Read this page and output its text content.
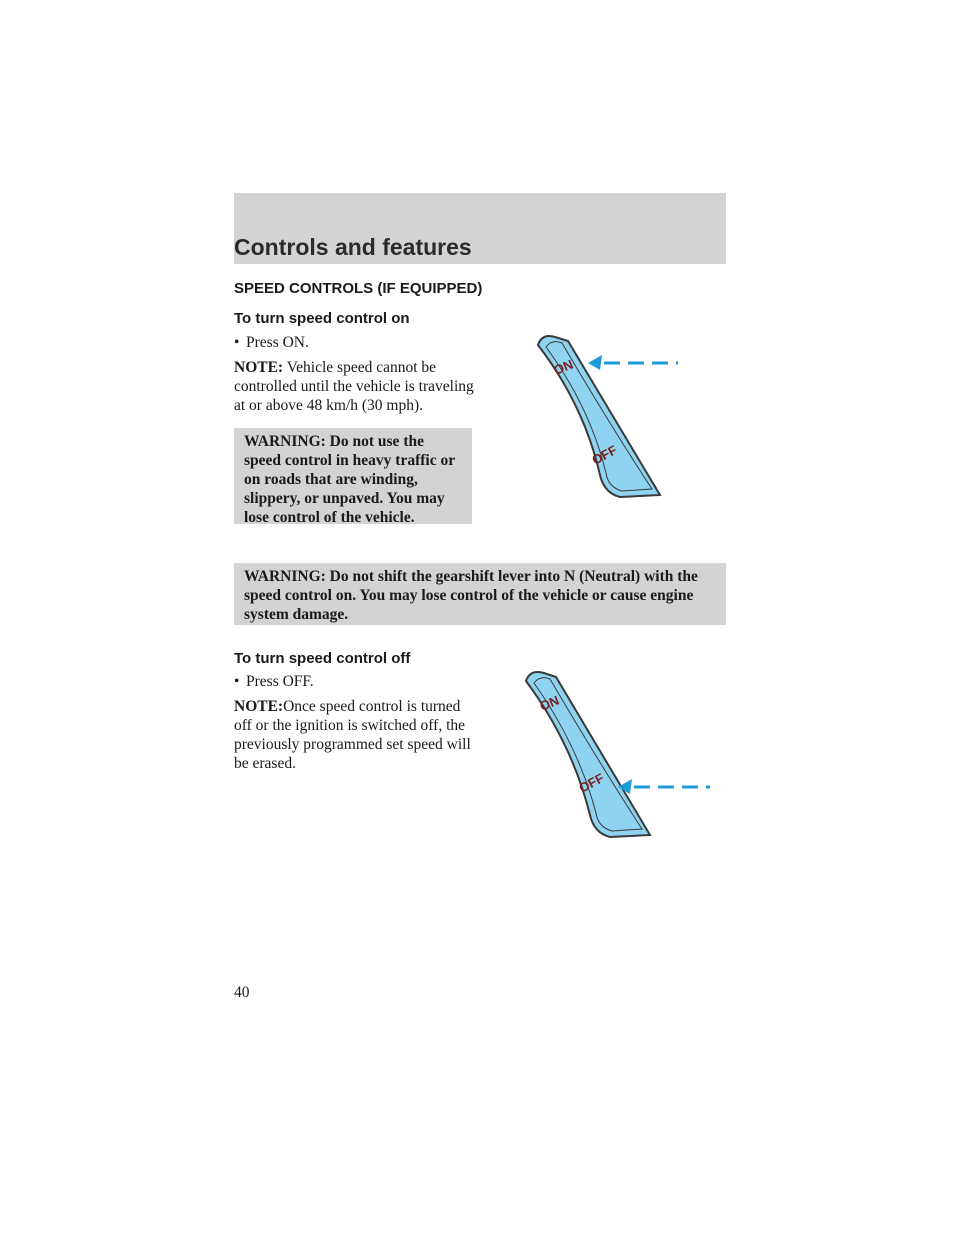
Controls and features
SPEED CONTROLS (IF EQUIPPED)
To turn speed control on
• Press ON.
NOTE: Vehicle speed cannot be controlled until the vehicle is traveling at or above 48 km/h (30 mph).
WARNING: Do not use the speed control in heavy traffic or on roads that are winding, slippery, or unpaved. You may lose control of the vehicle.
WARNING: Do not shift the gearshift lever into N (Neutral) with the speed control on. You may lose control of the vehicle or cause engine system damage.
To turn speed control off
• Press OFF.
NOTE:Once speed control is turned off or the ignition is switched off, the previously programmed set speed will be erased.
ON
OFF
ON
OFF
40
